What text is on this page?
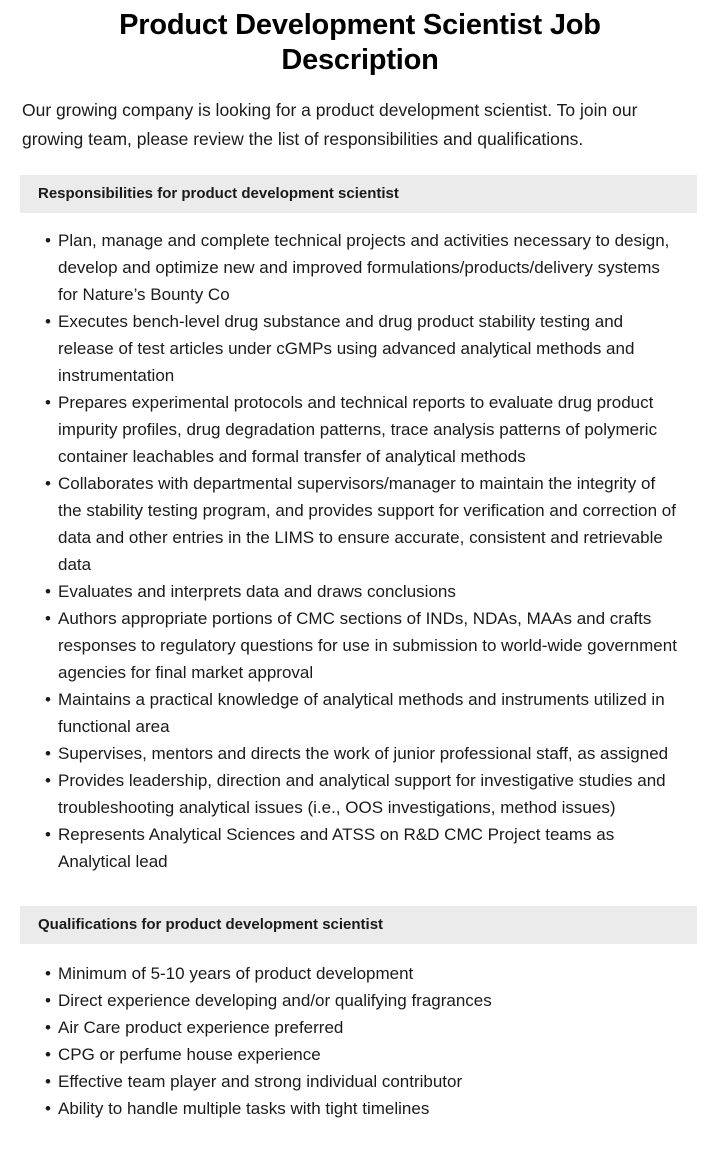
Product Development Scientist Job Description

Our growing company is looking for a product development scientist. To join our growing team, please review the list of responsibilities and qualifications.

Responsibilities for product development scientist
• Plan, manage and complete technical projects and activities necessary to design, develop and optimize new and improved formulations/products/delivery systems for Nature’s Bounty Co
• Executes bench-level drug substance and drug product stability testing and release of test articles under cGMPs using advanced analytical methods and instrumentation
• Prepares experimental protocols and technical reports to evaluate drug product impurity profiles, drug degradation patterns, trace analysis patterns of polymeric container leachables and formal transfer of analytical methods
• Collaborates with departmental supervisors/manager to maintain the integrity of the stability testing program, and provides support for verification and correction of data and other entries in the LIMS to ensure accurate, consistent and retrievable data
• Evaluates and interprets data and draws conclusions
• Authors appropriate portions of CMC sections of INDs, NDAs, MAAs and crafts responses to regulatory questions for use in submission to world-wide government agencies for final market approval
• Maintains a practical knowledge of analytical methods and instruments utilized in functional area
• Supervises, mentors and directs the work of junior professional staff, as assigned
• Provides leadership, direction and analytical support for investigative studies and troubleshooting analytical issues (i.e., OOS investigations, method issues)
• Represents Analytical Sciences and ATSS on R&D CMC Project teams as Analytical lead
Qualifications for product development scientist
• Minimum of 5-10 years of product development
• Direct experience developing and/or qualifying fragrances
• Air Care product experience preferred
• CPG or perfume house experience
• Effective team player and strong individual contributor
• Ability to handle multiple tasks with tight timelines
